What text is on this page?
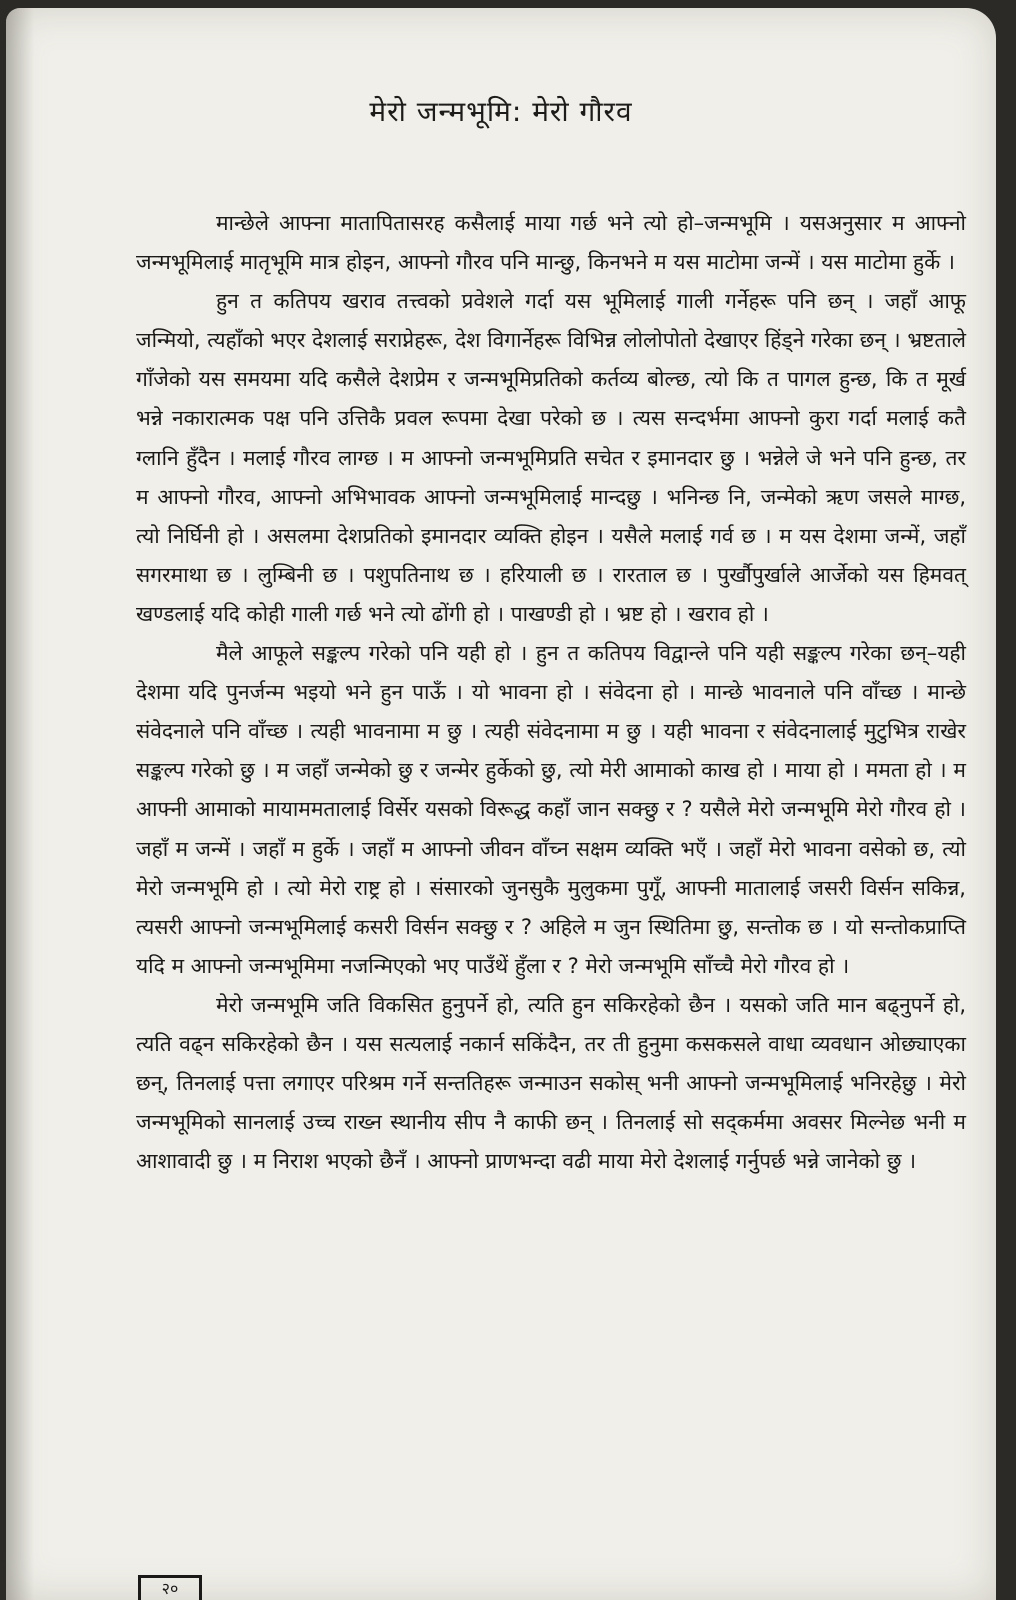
मेरो जन्मभूमि: मेरो गौरव

मान्छेले आफ्ना मातापितासरह कसैलाई माया गर्छ भने त्यो हो–जन्मभूमि । यसअनुसार म आफ्नो जन्मभूमिलाई मातृभूमि मात्र होइन, आफ्नो गौरव पनि मान्छु, किनभने म यस माटोमा जन्में । यस माटोमा हुर्के ।

हुन त कतिपय खराव तत्त्वको प्रवेशले गर्दा यस भूमिलाई गाली गर्नेहरू पनि छन् । जहाँ आफू जन्मियो, त्यहाँको भएर देशलाई सराप्नेहरू, देश विगार्नेहरू विभिन्न लोलोपोतो देखाएर हिंड्ने गरेका छन् । भ्रष्टताले गाँजेको यस समयमा यदि कसैले देशप्रेम र जन्मभूमिप्रतिको कर्तव्य बोल्छ, त्यो कि त पागल हुन्छ, कि त मूर्ख भन्ने नकारात्मक पक्ष पनि उत्तिकै प्रवल रूपमा देखा परेको छ । त्यस सन्दर्भमा आफ्नो कुरा गर्दा मलाई कतै ग्लानि हुँदैन । मलाई गौरव लाग्छ । म आफ्नो जन्मभूमिप्रति सचेत र इमानदार छु । भन्नेले जे भने पनि हुन्छ, तर म आफ्नो गौरव, आफ्नो अभिभावक आफ्नो जन्मभूमिलाई मान्दछु । भनिन्छ नि, जन्मेको ऋण जसले माग्छ, त्यो निर्घिनी हो । असलमा देशप्रतिको इमानदार व्यक्ति होइन । यसैले मलाई गर्व छ । म यस देशमा जन्में, जहाँ सगरमाथा छ । लुम्बिनी छ । पशुपतिनाथ छ । हरियाली छ । रारताल छ । पुर्खौपुर्खाले आर्जेको यस हिमवत् खण्डलाई यदि कोही गाली गर्छ भने त्यो ढोंगी हो । पाखण्डी हो । भ्रष्ट हो । खराव हो ।

मैले आफूले सङ्कल्प गरेको पनि यही हो । हुन त कतिपय विद्वान्ले पनि यही सङ्कल्प गरेका छन्–यही देशमा यदि पुनर्जन्म भइयो भने हुन पाऊँ । यो भावना हो । संवेदना हो । मान्छे भावनाले पनि वाँच्छ । मान्छे संवेदनाले पनि वाँच्छ । त्यही भावनामा म छु । त्यही संवेदनामा म छु । यही भावना र संवेदनालाई मुटुभित्र राखेर सङ्कल्प गरेको छु । म जहाँ जन्मेको छु र जन्मेर हुर्केको छु, त्यो मेरी आमाको काख हो । माया हो । ममता हो । म आफ्नी आमाको मायाममतालाई विर्सेर यसको विरूद्ध कहाँ जान सक्छु र ? यसैले मेरो जन्मभूमि मेरो गौरव हो । जहाँ म जन्में । जहाँ म हुर्के । जहाँ म आफ्नो जीवन वाँच्न सक्षम व्यक्ति भएँ । जहाँ मेरो भावना वसेको छ, त्यो मेरो जन्मभूमि हो । त्यो मेरो राष्ट्र हो । संसारको जुनसुकै मुलुकमा पुगूँ, आफ्नी मातालाई जसरी विर्सन सकिन्न, त्यसरी आफ्नो जन्मभूमिलाई कसरी विर्सन सक्छु र ? अहिले म जुन स्थितिमा छु, सन्तोक छ । यो सन्तोकप्राप्ति यदि म आफ्नो जन्मभूमिमा नजन्मिएको भए पाउँथें हुँला र ? मेरो जन्मभूमि साँच्चै मेरो गौरव हो ।

मेरो जन्मभूमि जति विकसित हुनुपर्ने हो, त्यति हुन सकिरहेको छैन । यसको जति मान बढ्नुपर्ने हो, त्यति वढ्न सकिरहेको छैन । यस सत्यलाई नकार्न सकिंदैन, तर ती हुनुमा कसकसले वाधा व्यवधान ओछ्याएका छन्, तिनलाई पत्ता लगाएर परिश्रम गर्ने सन्ततिहरू जन्माउन सकोस् भनी आफ्नो जन्मभूमिलाई भनिरहेछु । मेरो जन्मभूमिको सानलाई उच्च राख्न स्थानीय सीप नै काफी छन् । तिनलाई सो सद्कर्ममा अवसर मिल्नेछ भनी म आशावादी छु । म निराश भएको छैनँ । आफ्नो प्राणभन्दा वढी माया मेरो देशलाई गर्नुपर्छ भन्ने जानेको छु ।

२०
